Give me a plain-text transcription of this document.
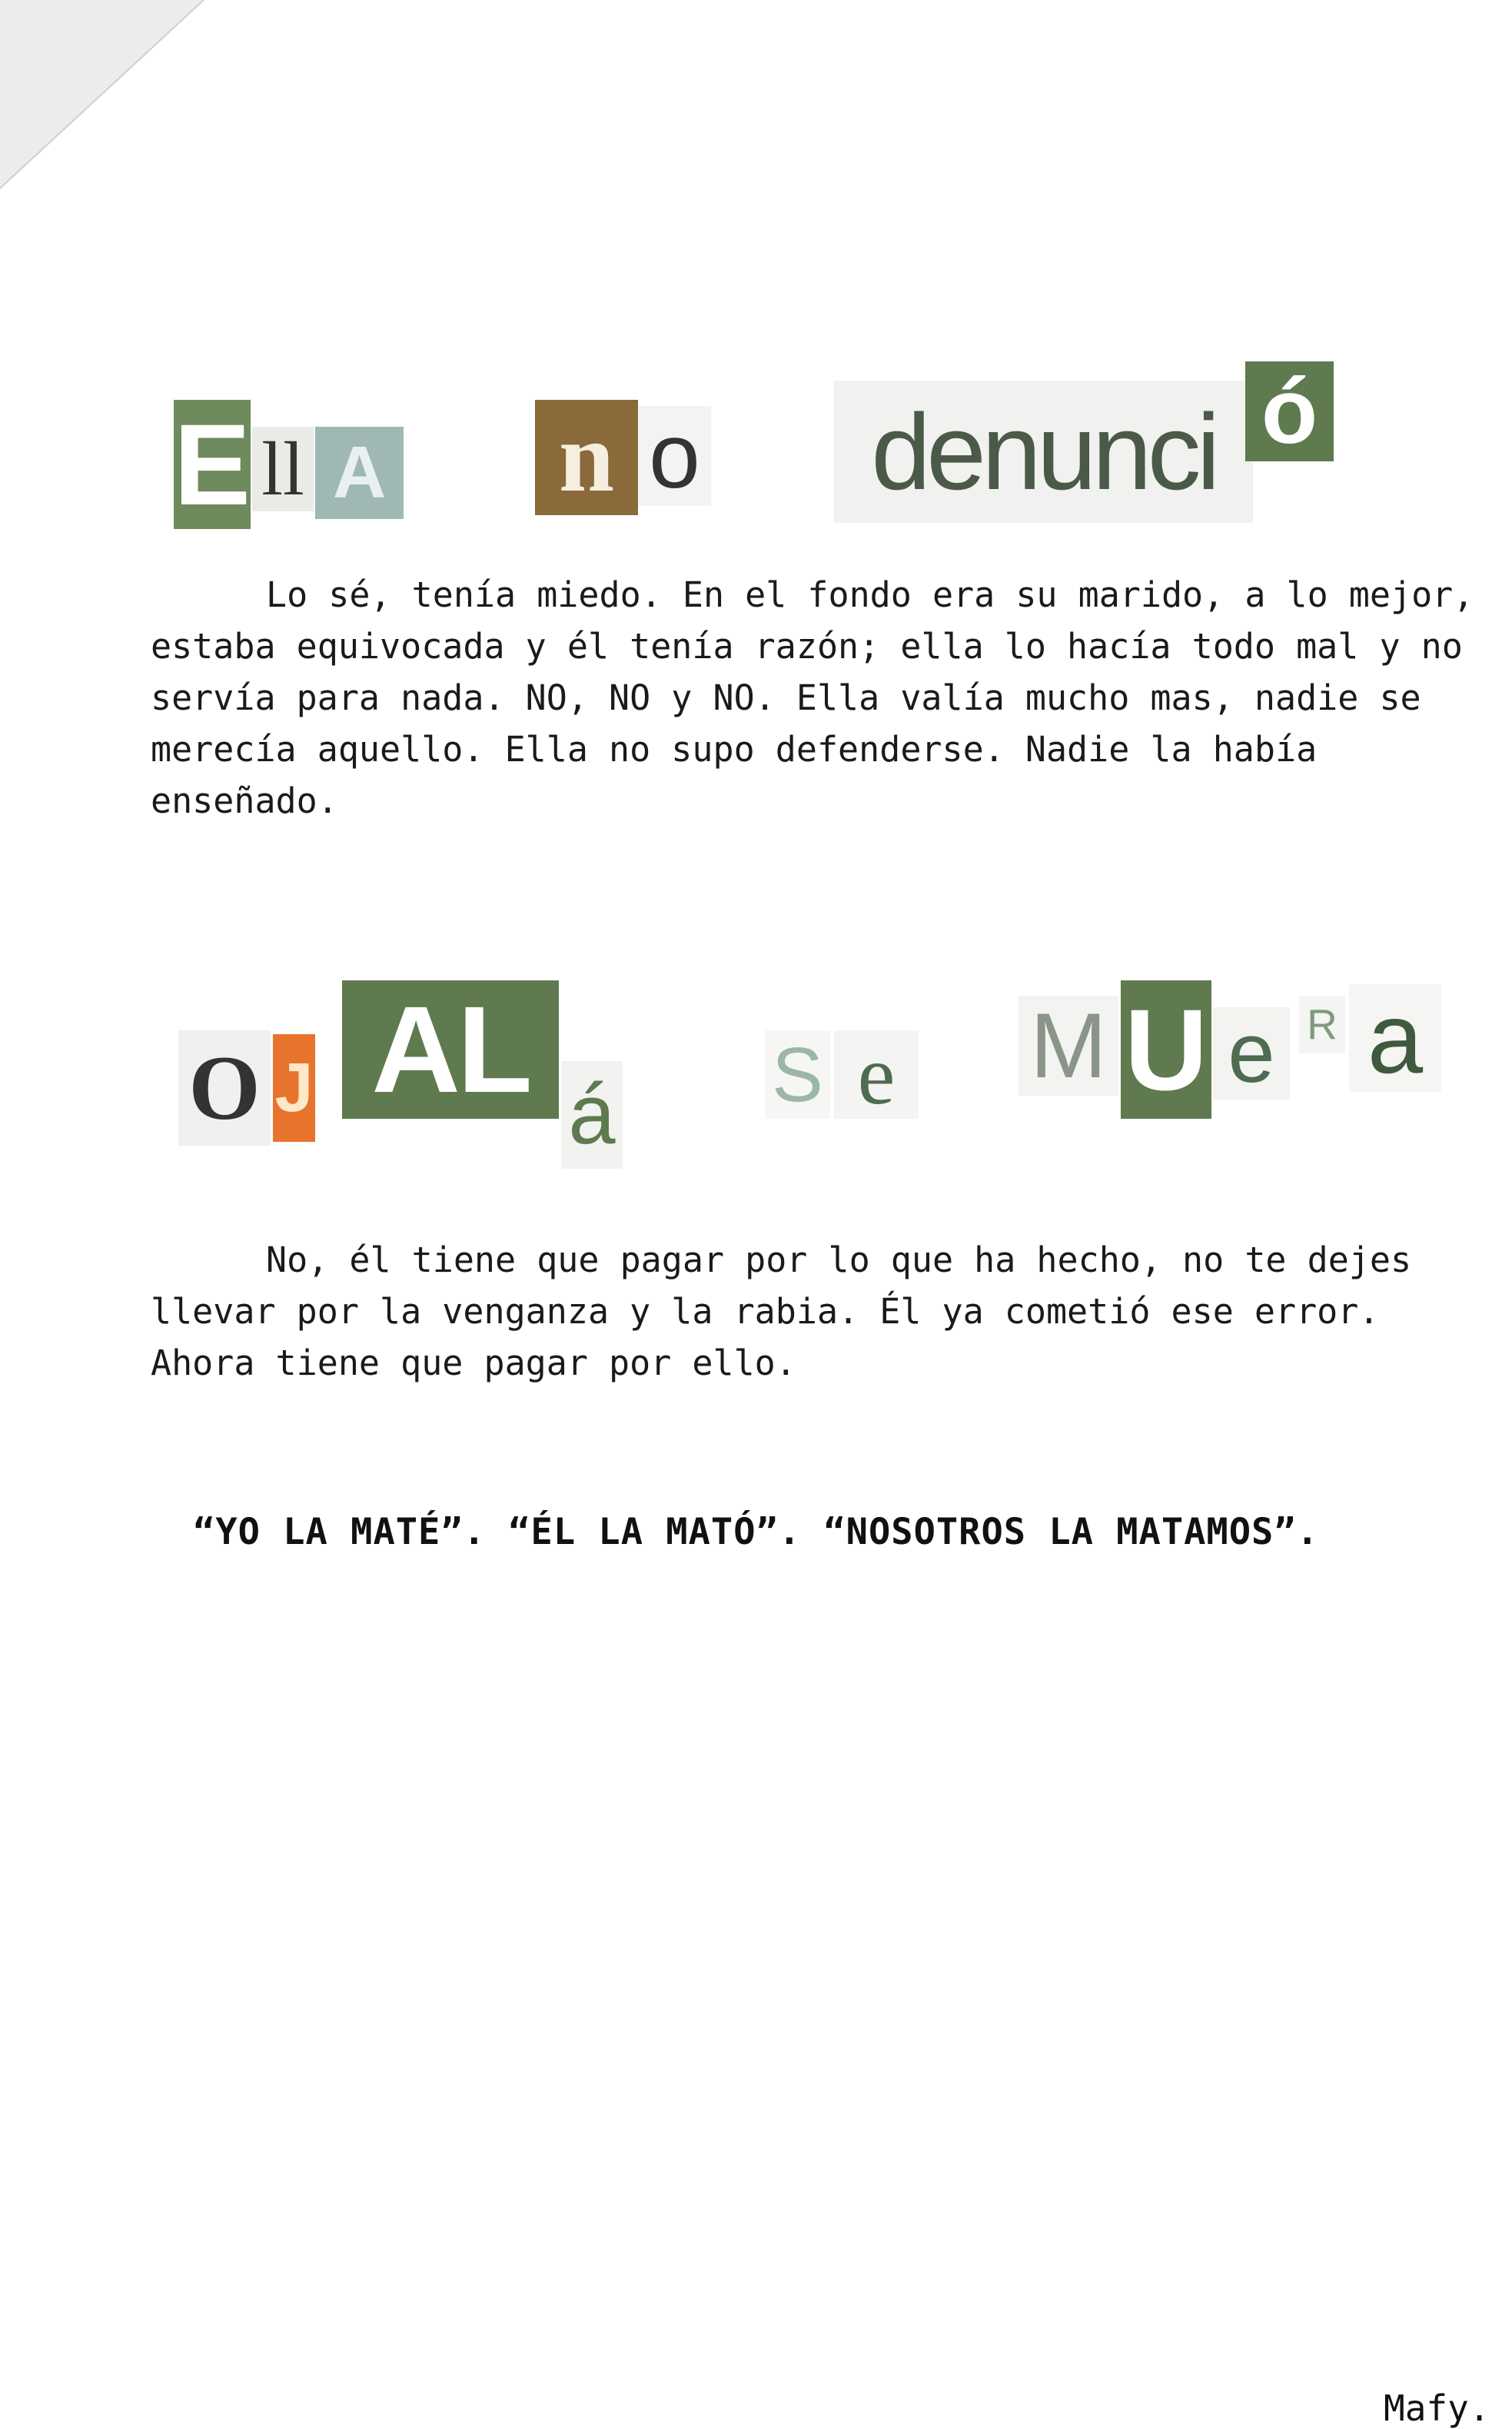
E ll A n o denunci ó

Lo sé, tenía miedo. En el fondo era su marido, a lo mejor,
estaba equivocada y él tenía razón; ella lo hacía todo mal y no
servía para nada. NO, NO y NO. Ella valía mucho mas, nadie se
merecía aquello. Ella no supo defenderse. Nadie la había
enseñado.

O J AL á S e M U e R a

No, él tiene que pagar por lo que ha hecho, no te dejes
llevar por la venganza y la rabia. Él ya cometió ese error.
Ahora tiene que pagar por ello.

“YO LA MATÉ”. “ÉL LA MATÓ”. “NOSOTROS LA MATAMOS”.
Mafy.
